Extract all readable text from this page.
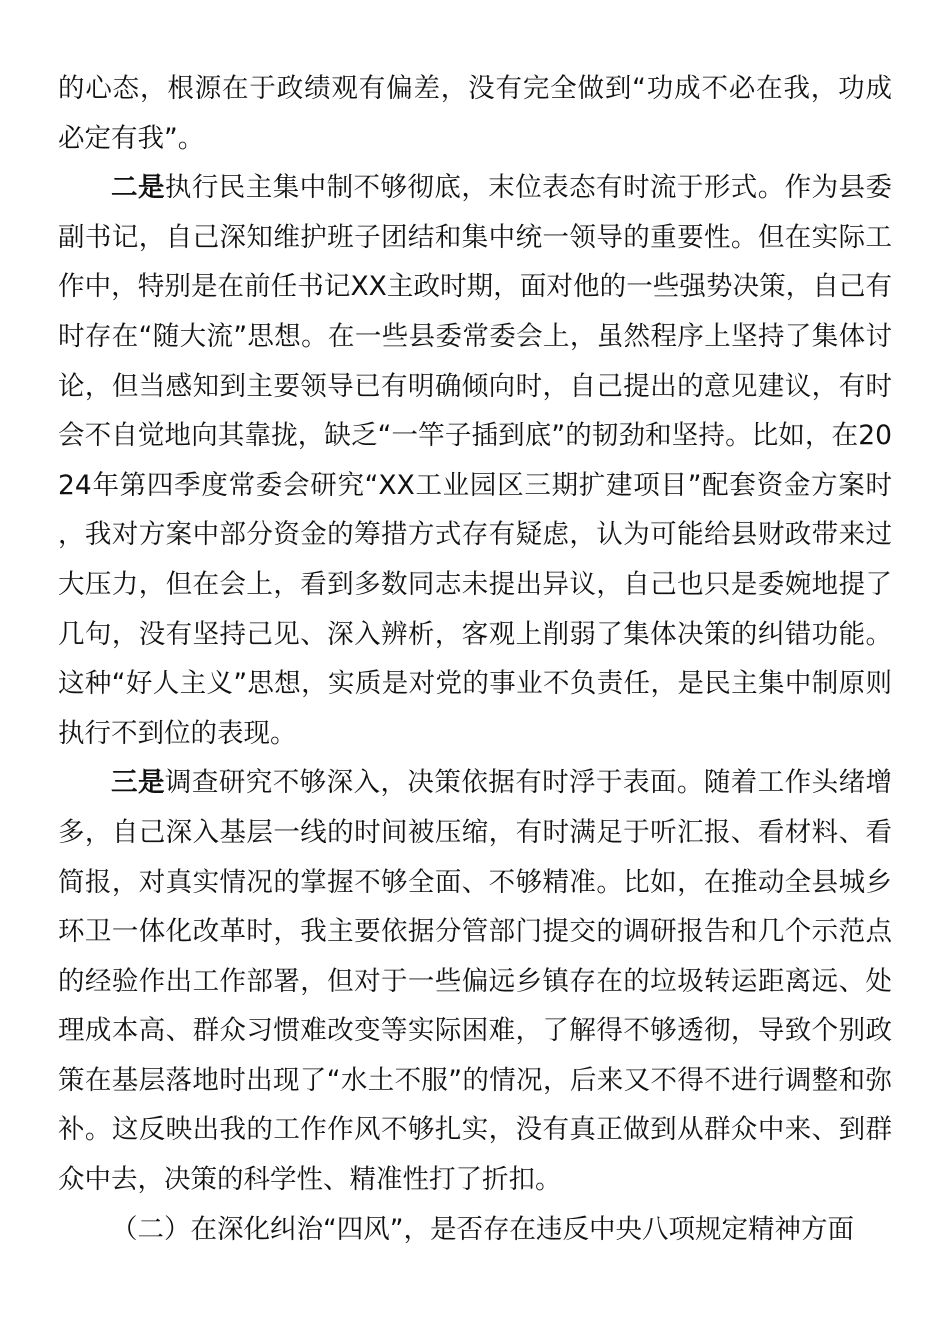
的心态，根源在于政绩观有偏差，没有完全做到“功成不必在我，功成必定有我”。

二是执行民主集中制不够彻底，末位表态有时流于形式。作为县委副书记，自己深知维护班子团结和集中统一领导的重要性。但在实际工作中，特别是在前任书记XX主政时期，面对他的一些强势决策，自己有时存在“随大流”思想。在一些县委常委会上，虽然程序上坚持了集体讨论，但当感知到主要领导已有明确倾向时，自己提出的意见建议，有时会不自觉地向其靠拢，缺乏“一竿子插到底”的韧劲和坚持。比如，在2024年第四季度常委会研究“XX工业园区三期扩建项目”配套资金方案时，我对方案中部分资金的筹措方式存有疑虑，认为可能给县财政带来过大压力，但在会上，看到多数同志未提出异议，自己也只是委婉地提了几句，没有坚持己见、深入辨析，客观上削弱了集体决策的纠错功能。这种“好人主义”思想，实质是对党的事业不负责任，是民主集中制原则执行不到位的表现。

三是调查研究不够深入，决策依据有时浮于表面。随着工作头绪增多，自己深入基层一线的时间被压缩，有时满足于听汇报、看材料、看简报，对真实情况的掌握不够全面、不够精准。比如，在推动全县城乡环卫一体化改革时，我主要依据分管部门提交的调研报告和几个示范点的经验作出工作部署，但对于一些偏远乡镇存在的垃圾转运距离远、处理成本高、群众习惯难改变等实际困难，了解得不够透彻，导致个别政策在基层落地时出现了“水土不服”的情况，后来又不得不进行调整和弥补。这反映出我的工作作风不够扎实，没有真正做到从群众中来、到群众中去，决策的科学性、精准性打了折扣。

（二）在深化纠治“四风”，是否存在违反中央八项规定精神方面
